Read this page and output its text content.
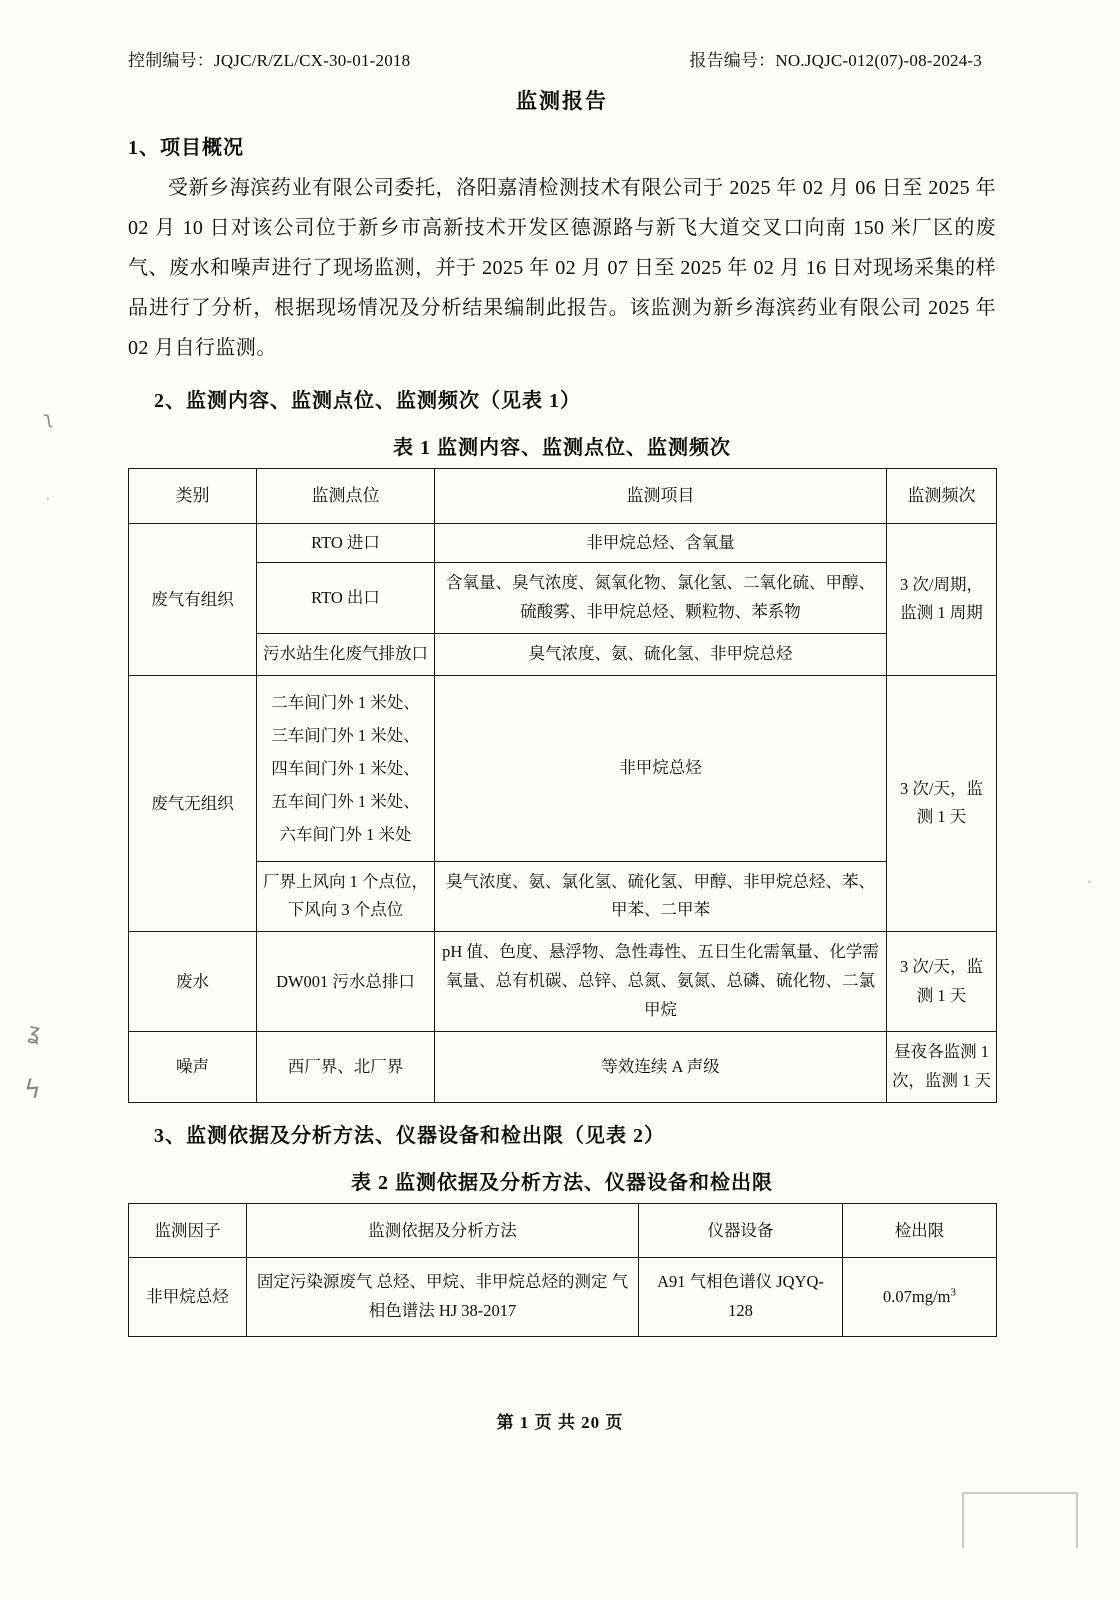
控制编号：JQJC/R/ZL/CX-30-01-2018	报告编号：NO.JQJC-012(07)-08-2024-3
监测报告
1、项目概况
受新乡海滨药业有限公司委托，洛阳嘉清检测技术有限公司于 2025 年 02 月 06 日至 2025 年 02 月 10 日对该公司位于新乡市高新技术开发区德源路与新飞大道交叉口向南 150 米厂区的废气、废水和噪声进行了现场监测，并于 2025 年 02 月 07 日至 2025 年 02 月 16 日对现场采集的样品进行了分析，根据现场情况及分析结果编制此报告。该监测为新乡海滨药业有限公司 2025 年 02 月自行监测。
2、监测内容、监测点位、监测频次（见表 1）
表 1 监测内容、监测点位、监测频次
类别	监测点位	监测项目	监测频次
废气有组织	RTO 进口	非甲烷总烃、含氧量	3 次/周期，监测 1 周期
	RTO 出口	含氧量、臭气浓度、氮氧化物、氯化氢、二氧化硫、甲醇、硫酸雾、非甲烷总烃、颗粒物、苯系物	
	污水站生化废气排放口	臭气浓度、氨、硫化氢、非甲烷总烃	
废气无组织	二车间门外 1 米处、三车间门外 1 米处、四车间门外 1 米处、五车间门外 1 米处、六车间门外 1 米处	非甲烷总烃	3 次/天，监测 1 天
	厂界上风向 1 个点位，下风向 3 个点位	臭气浓度、氨、氯化氢、硫化氢、甲醇、非甲烷总烃、苯、甲苯、二甲苯	
废水	DW001 污水总排口	pH 值、色度、悬浮物、急性毒性、五日生化需氧量、化学需氧量、总有机碳、总锌、总氮、氨氮、总磷、硫化物、二氯甲烷	3 次/天，监测 1 天
噪声	西厂界、北厂界	等效连续 A 声级	昼夜各监测 1 次，监测 1 天
3、监测依据及分析方法、仪器设备和检出限（见表 2）
表 2 监测依据及分析方法、仪器设备和检出限
监测因子	监测依据及分析方法	仪器设备	检出限
非甲烷总烃	固定污染源废气 总烃、甲烷、非甲烷总烃的测定 气相色谱法 HJ 38-2017	A91 气相色谱仪 JQYQ-128	$0.07mg/m^3$
第 1 页 共 20 页
ʅ
·
ʓ
ϟ
˙
